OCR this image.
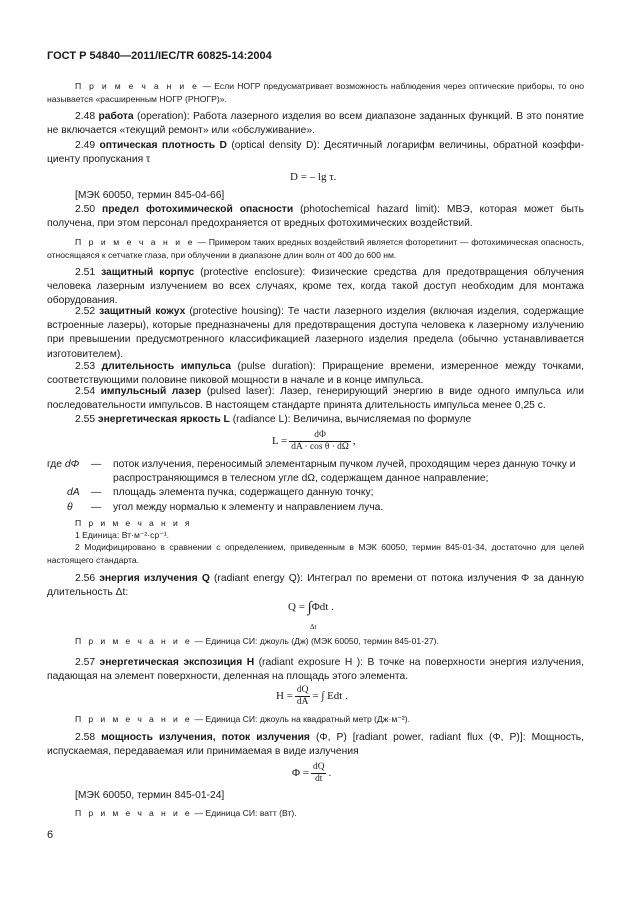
ГОСТ Р 54840—2011/IEC/TR 60825-14:2004
П р и м е ч а н и е — Если НОГР предусматривает возможность наблюдения через оптические приборы, то оно называется «расширенным НОГР (РНОГР)».
2.48 работа (operation): Работа лазерного изделия во всем диапазоне заданных функций. В это понятие не включается «текущий ремонт» или «обслуживание».
2.49 оптическая плотность D (optical density D): Десятичный логарифм величины, обратной коэффициенту пропускания τ
D = – lg τ.
[МЭК 60050, термин 845-04-66]
2.50 предел фотохимической опасности (photochemical hazard limit): МВЭ, которая может быть получена, при этом персонал предохраняется от вредных фотохимических воздействий.
П р и м е ч а н и е — Примером таких вредных воздействий является фоторетинит — фотохимическая опасность, относящаяся к сетчатке глаза, при облучении в диапазоне длин волн от 400 до 600 нм.
2.51 защитный корпус (protective enclosure): Физические средства для предотвращения облучения человека лазерным излучением во всех случаях, кроме тех, когда такой доступ необходим для монтажа оборудования.
2.52 защитный кожух (protective housing): Те части лазерного изделия (включая изделия, содержащие встроенные лазеры), которые предназначены для предотвращения доступа человека к лазерному излучению при превышении предусмотренного классификацией лазерного изделия предела (обычно устанавливается изготовителем).
2.53 длительность импульса (pulse duration): Приращение времени, измеренное между точками, соответствующими половине пиковой мощности в начале и в конце импульса.
2.54 импульсный лазер (pulsed laser): Лазер, генерирующий энергию в виде одного импульса или последовательности импульсов. В настоящем стандарте принята длительность импульса менее 0,25 с.
2.55 энергетическая яркость L (radiance L): Величина, вычисляемая по формуле
$L = \frac{d\Phi}{\text{dA · cos θ · dΩ}}$ ,
где dΦ	—	поток излучения, переносимый элементарным пучком лучей, проходящим через данную точку и распространяющимся в телесном угле dΩ, содержащем данное направление;
dA	—	площадь элемента пучка, содержащего данную точку;
θ	—	угол между нормалью к элементу и направлением луча.
П р и м е ч а н и я
1 Единица: Вт·м⁻²·ср⁻¹.
2 Модифицировано в сравнении с определением, приведенным в МЭК 60050, термин 845-01-34, достаточно для целей настоящего стандарта.
2.56 энергия излучения Q (radiant energy Q): Интеграл по времени от потока излучения Φ за данную длительность Δt:
Q = ∫Φdt .
Δt
П р и м е ч а н и е — Единица СИ: джоуль (Дж) (МЭК 60050, термин 845-01-27).
2.57 энергетическая экспозиция H (radiant exposure H ): В точке на поверхности энергия излучения, падающая на элемент поверхности, деленная на площадь этого элемента.
$H = \frac{dQ}{dA}$ = ∫ Edt .
П р и м е ч а н и е — Единица СИ: джоуль на квадратный метр (Дж·м⁻²).
2.58 мощность излучения, поток излучения (Φ, P) [radiant power, radiant flux (Φ, P)]: Мощность, испускаемая, передаваемая или принимаемая в виде излучения
$\Phi = \frac{dQ}{dt}$ .
[МЭК 60050, термин 845-01-24]
П р и м е ч а н и е — Единица СИ: ватт (Вт).
6
